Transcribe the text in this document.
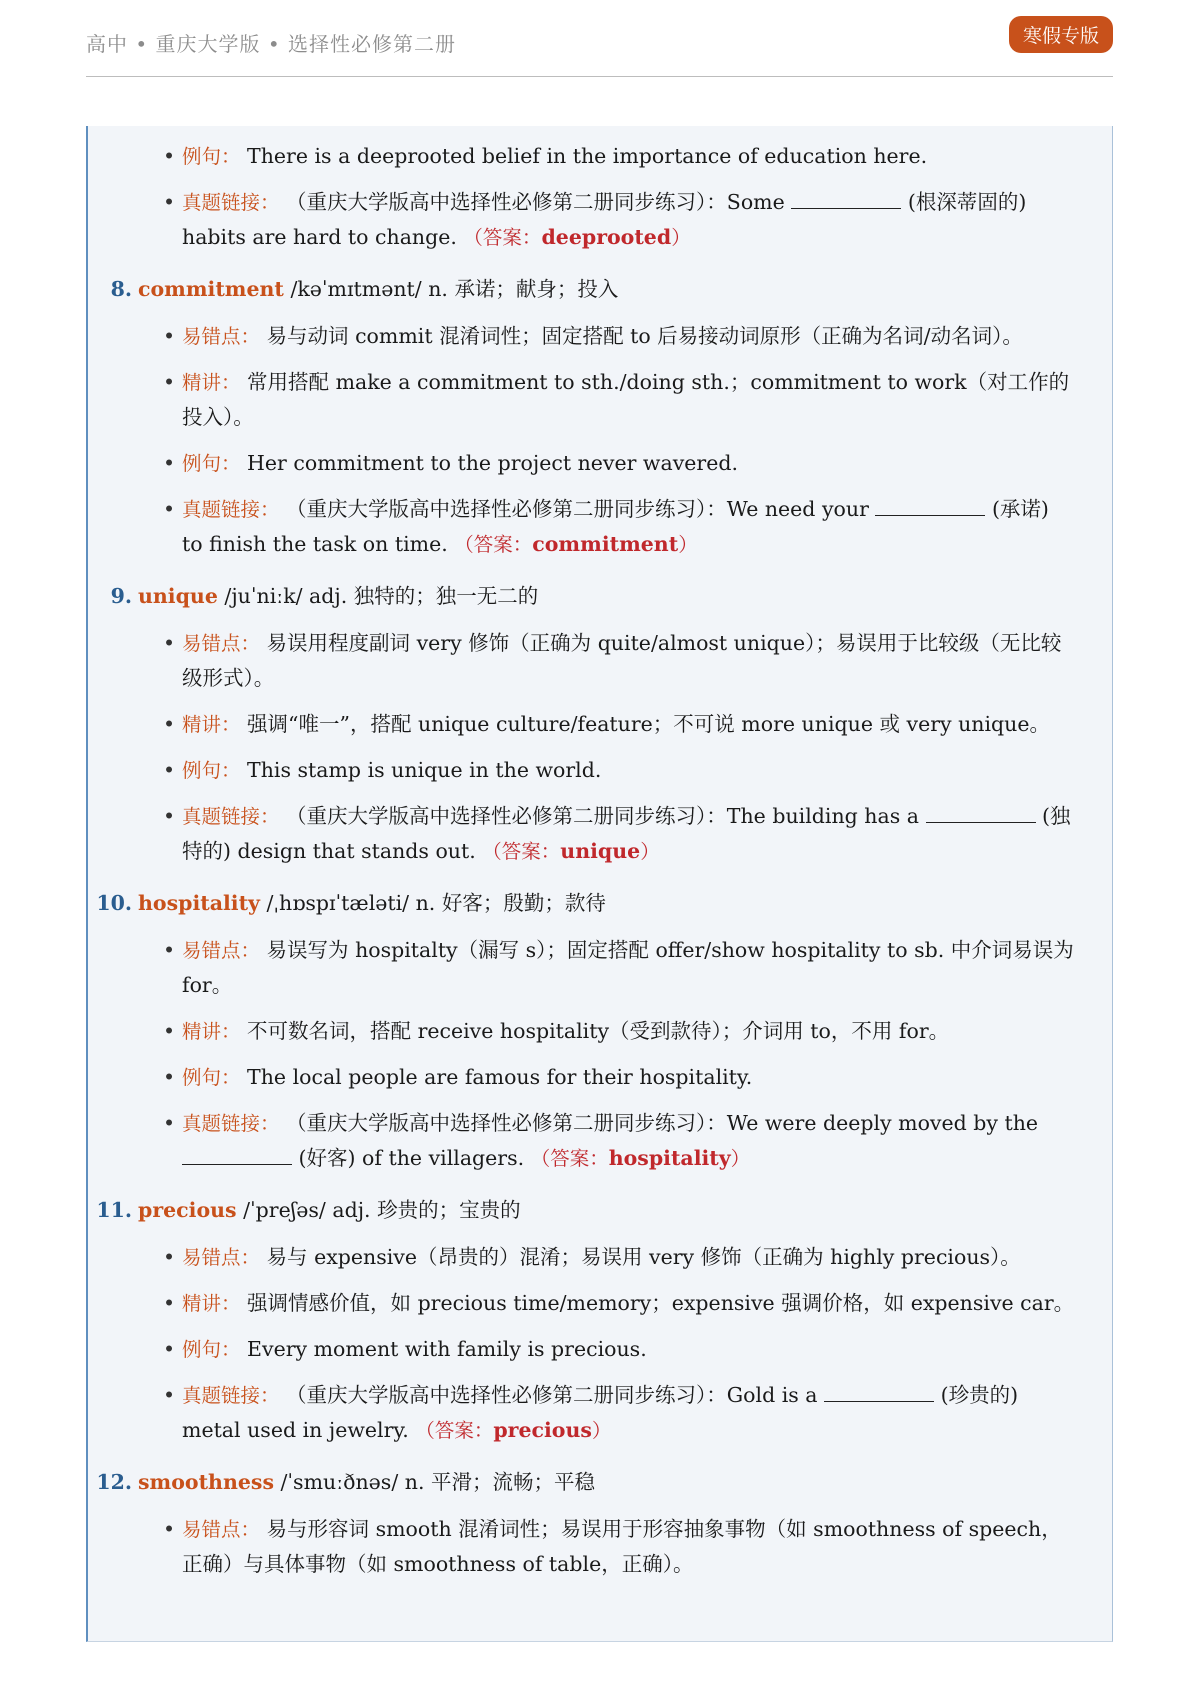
高中 • 重庆大学版 • 选择性必修第二册	寒假专版
• 例句： There is a deeprooted belief in the importance of education here.
• 真题链接： （重庆大学版高中选择性必修第二册同步练习）：Some	(根深蒂固的) habits are hard to change. （答案：deeprooted）
8. commitment /kəˈmɪtmənt/ n. 承诺；献身；投入
• 易错点： 易与动词 commit 混淆词性；固定搭配 to 后易接动词原形（正确为名词/动名词）。
• 精讲： 常用搭配 make a commitment to sth./doing sth.；commitment to work（对工作的投入）。
• 例句： Her commitment to the project never wavered.
• 真题链接： （重庆大学版高中选择性必修第二册同步练习）：We need your	(承诺) to finish the task on time. （答案：commitment）
9. unique /juˈniːk/ adj. 独特的；独一无二的
• 易错点： 易误用程度副词 very 修饰（正确为 quite/almost unique）；易误用于比较级（无比较级形式）。
• 精讲： 强调“唯一”，搭配 unique culture/feature；不可说 more unique 或 very unique。
• 例句： This stamp is unique in the world.
• 真题链接： （重庆大学版高中选择性必修第二册同步练习）：The building has a	(独特的) design that stands out. （答案：unique）
10. hospitality /ˌhɒspɪˈtæləti/ n. 好客；殷勤；款待
• 易错点： 易误写为 hospitalty（漏写 s）；固定搭配 offer/show hospitality to sb. 中介词易误为 for。
• 精讲： 不可数名词，搭配 receive hospitality（受到款待）；介词用 to，不用 for。
• 例句： The local people are famous for their hospitality.
• 真题链接： （重庆大学版高中选择性必修第二册同步练习）：We were deeply moved by the  (好客) of the villagers. （答案：hospitality）
11. precious /ˈpreʃəs/ adj. 珍贵的；宝贵的
• 易错点： 易与 expensive（昂贵的）混淆；易误用 very 修饰（正确为 highly precious）。
• 精讲： 强调情感价值，如 precious time/memory；expensive 强调价格，如 expensive car。
• 例句： Every moment with family is precious.
• 真题链接： （重庆大学版高中选择性必修第二册同步练习）：Gold is a	(珍贵的) metal used in jewelry. （答案：precious）
12. smoothness /ˈsmuːðnəs/ n. 平滑；流畅；平稳
• 易错点： 易与形容词 smooth 混淆词性；易误用于形容抽象事物（如 smoothness of speech，正确）与具体事物（如 smoothness of table，正确）。
